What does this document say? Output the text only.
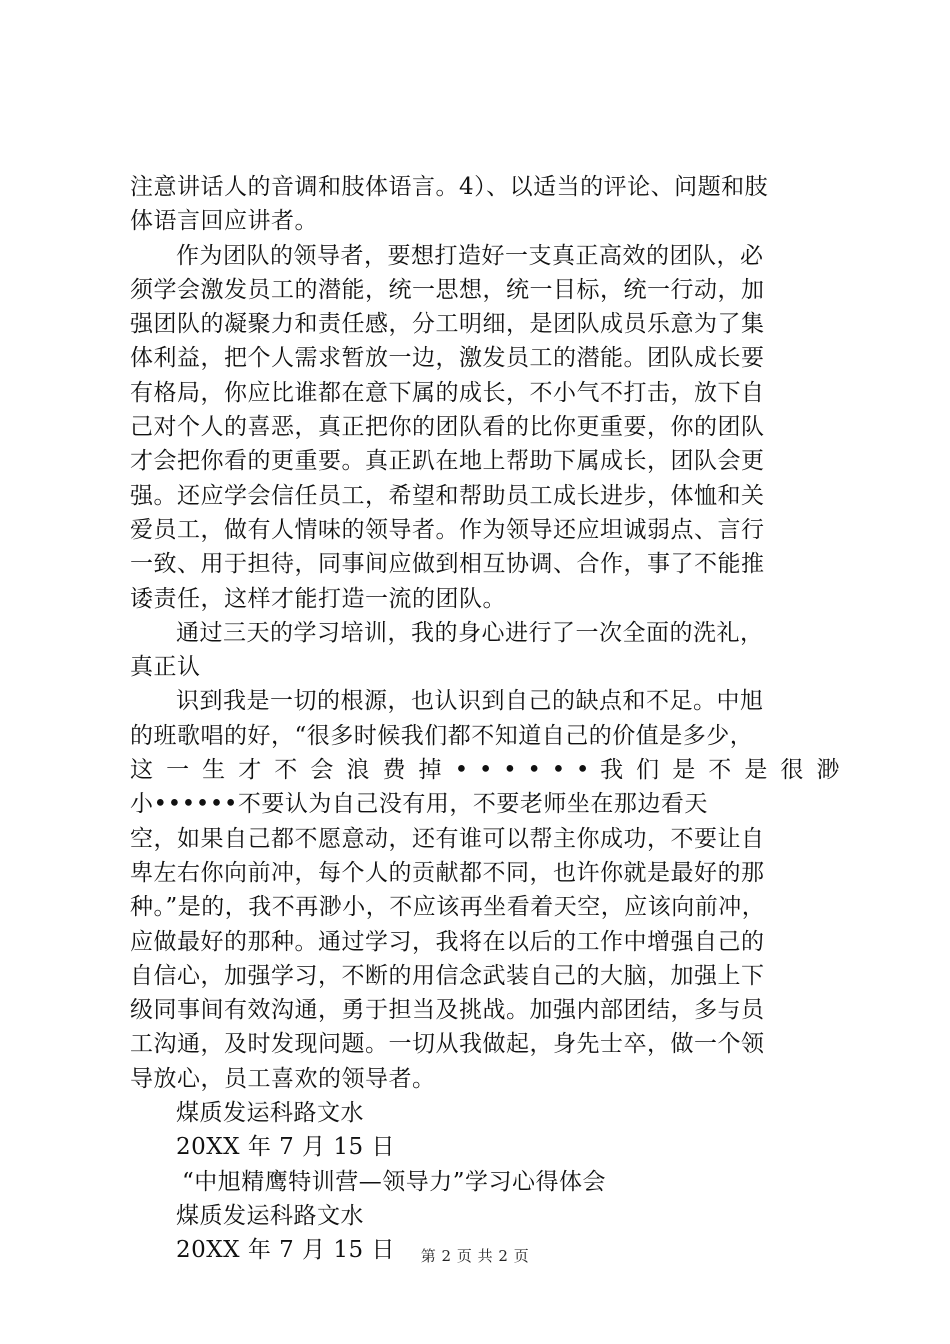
注意讲话人的音调和肢体语言。4）、以适当的评论、问题和肢
体语言回应讲者。

作为团队的领导者，要想打造好一支真正高效的团队，必
须学会激发员工的潜能，统一思想，统一目标，统一行动，加
强团队的凝聚力和责任感，分工明细，是团队成员乐意为了集
体利益，把个人需求暂放一边，激发员工的潜能。团队成长要
有格局，你应比谁都在意下属的成长，不小气不打击，放下自
己对个人的喜恶，真正把你的团队看的比你更重要，你的团队
才会把你看的更重要。真正趴在地上帮助下属成长，团队会更
强。还应学会信任员工，希望和帮助员工成长进步，体恤和关
爱员工，做有人情味的领导者。作为领导还应坦诚弱点、言行
一致、用于担待，同事间应做到相互协调、合作，事了不能推
诿责任，这样才能打造一流的团队。

通过三天的学习培训，我的身心进行了一次全面的洗礼，
真正认

识到我是一切的根源，也认识到自己的缺点和不足。中旭
的班歌唱的好，“很多时候我们都不知道自己的价值是多少，
这 一 生 才 不 会 浪 费 掉 • • • • • • 我 们 是 不 是 很 渺
小••••••不要认为自己没有用，不要老师坐在那边看天
空，如果自己都不愿意动，还有谁可以帮主你成功，不要让自
卑左右你向前冲，每个人的贡献都不同，也许你就是最好的那
种。”是的，我不再渺小，不应该再坐看着天空，应该向前冲，
应做最好的那种。通过学习，我将在以后的工作中增强自己的
自信心，加强学习，不断的用信念武装自己的大脑，加强上下
级同事间有效沟通，勇于担当及挑战。加强内部团结，多与员
工沟通，及时发现问题。一切从我做起，身先士卒，做一个领
导放心，员工喜欢的领导者。

煤质发运科路文水

20XX 年 7 月 15 日

“中旭精鹰特训营—领导力”学习心得体会

煤质发运科路文水

20XX 年 7 月 15 日	第 2 页 共 2 页
